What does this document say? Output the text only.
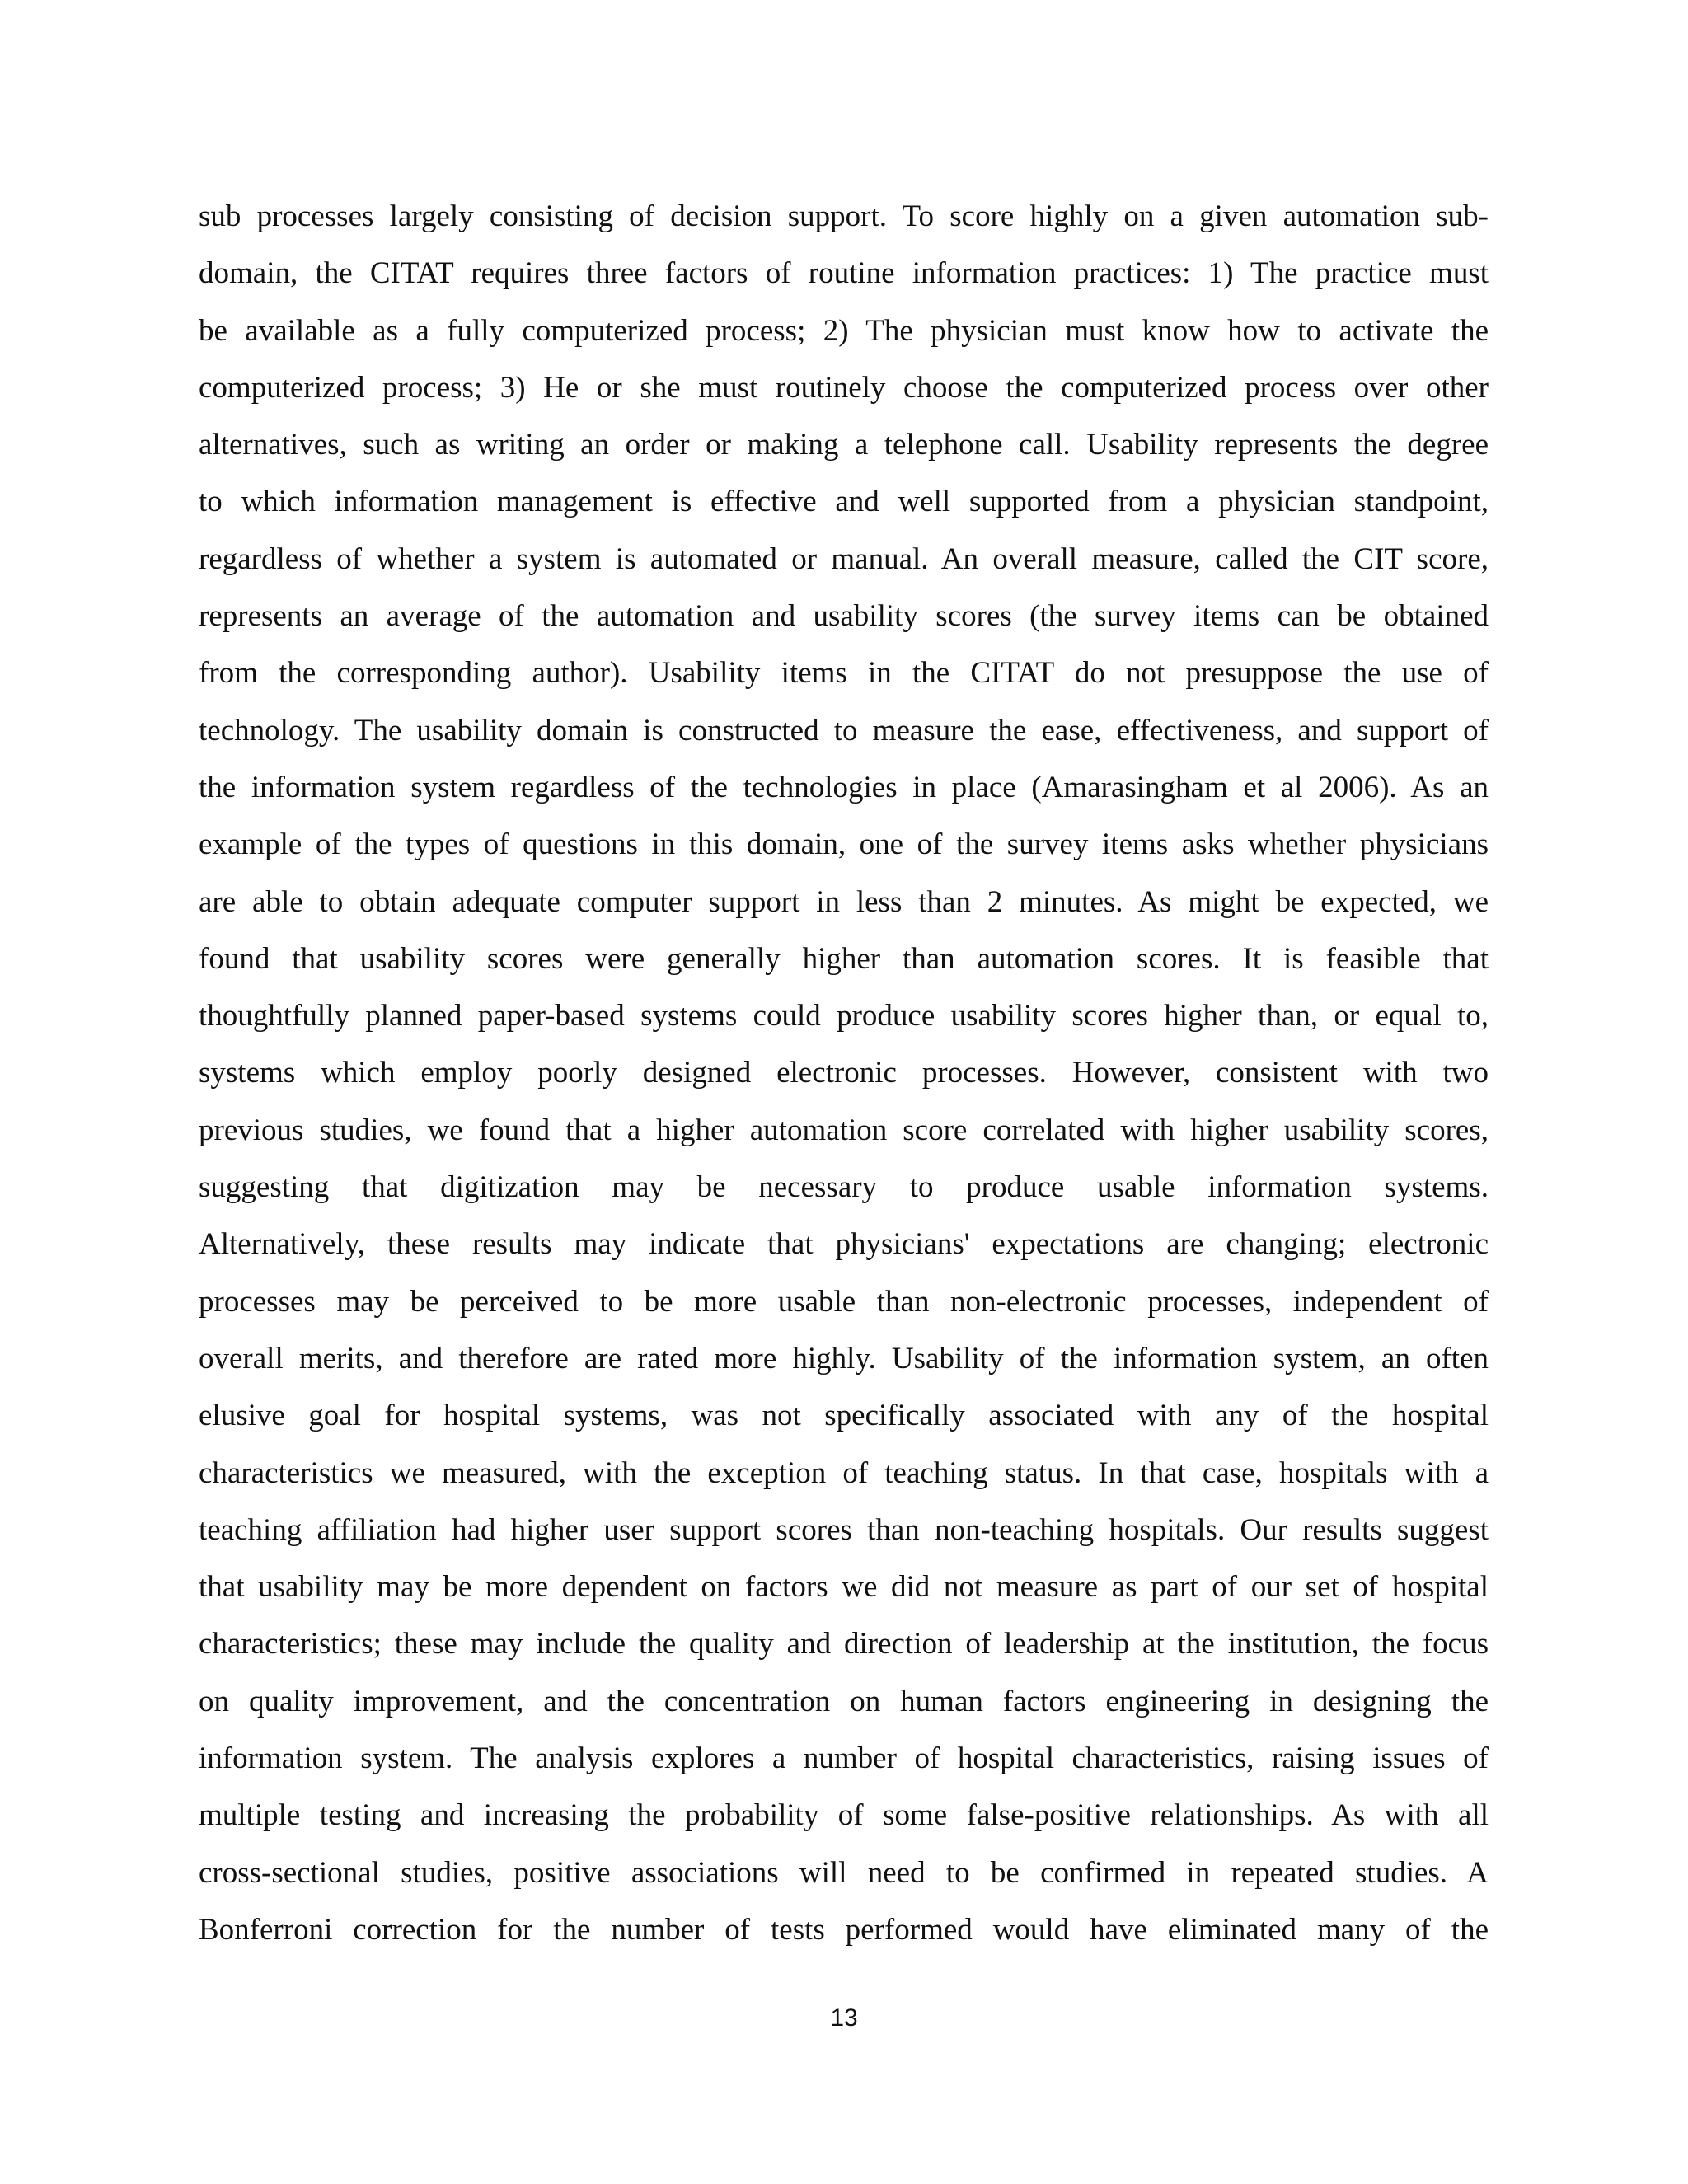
sub processes largely consisting of decision support. To score highly on a given automation sub-
domain, the CITAT requires three factors of routine information practices: 1) The practice must
be available as a fully computerized process; 2) The physician must know how to activate the
computerized process; 3) He or she must routinely choose the computerized process over other
alternatives, such as writing an order or making a telephone call. Usability represents the degree
to which information management is effective and well supported from a physician standpoint,
regardless of whether a system is automated or manual. An overall measure, called the CIT score,
represents an average of the automation and usability scores (the survey items can be obtained
from the corresponding author). Usability items in the CITAT do not presuppose the use of
technology. The usability domain is constructed to measure the ease, effectiveness, and support of
the information system regardless of the technologies in place (Amarasingham et al 2006). As an
example of the types of questions in this domain, one of the survey items asks whether physicians
are able to obtain adequate computer support in less than 2 minutes. As might be expected, we
found that usability scores were generally higher than automation scores. It is feasible that
thoughtfully planned paper-based systems could produce usability scores higher than, or equal to,
systems which employ poorly designed electronic processes. However, consistent with two
previous studies, we found that a higher automation score correlated with higher usability scores,
suggesting that digitization may be necessary to produce usable information systems.
Alternatively, these results may indicate that physicians' expectations are changing; electronic
processes may be perceived to be more usable than non-electronic processes, independent of
overall merits, and therefore are rated more highly. Usability of the information system, an often
elusive goal for hospital systems, was not specifically associated with any of the hospital
characteristics we measured, with the exception of teaching status. In that case, hospitals with a
teaching affiliation had higher user support scores than non-teaching hospitals. Our results suggest
that usability may be more dependent on factors we did not measure as part of our set of hospital
characteristics; these may include the quality and direction of leadership at the institution, the focus
on quality improvement, and the concentration on human factors engineering in designing the
information system. The analysis explores a number of hospital characteristics, raising issues of
multiple testing and increasing the probability of some false-positive relationships. As with all
cross-sectional studies, positive associations will need to be confirmed in repeated studies. A
Bonferroni correction for the number of tests performed would have eliminated many of the
13
